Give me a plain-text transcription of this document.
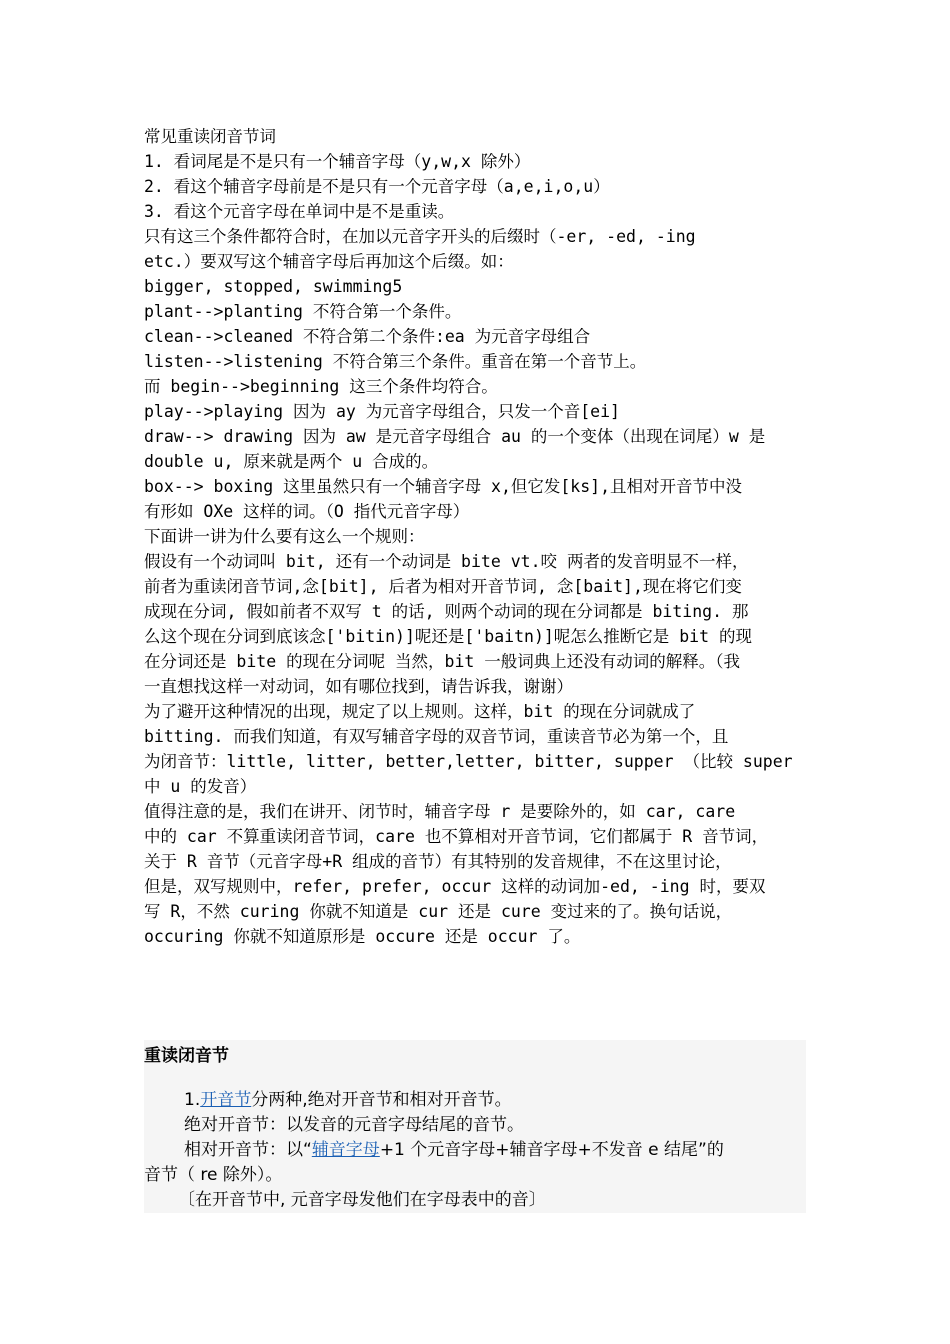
常见重读闭音节词
1. 看词尾是不是只有一个辅音字母（y,w,x 除外）
2. 看这个辅音字母前是不是只有一个元音字母（a,e,i,o,u）
3. 看这个元音字母在单词中是不是重读。
只有这三个条件都符合时，在加以元音字开头的后缀时（-er, -ed, -ing
etc.）要双写这个辅音字母后再加这个后缀。如：
bigger, stopped, swimming5
plant-->planting 不符合第一个条件。
clean-->cleaned 不符合第二个条件:ea 为元音字母组合
listen-->listening 不符合第三个条件。重音在第一个音节上。
而 begin-->beginning 这三个条件均符合。
play-->playing 因为 ay 为元音字母组合，只发一个音[ei]
draw--> drawing 因为 aw 是元音字母组合 au 的一个变体（出现在词尾）w 是
double u, 原来就是两个 u 合成的。
box--> boxing 这里虽然只有一个辅音字母 x,但它发[ks],且相对开音节中没
有形如 OXe 这样的词。（O 指代元音字母）
下面讲一讲为什么要有这么一个规则：
假设有一个动词叫 bit, 还有一个动词是 bite vt.咬 两者的发音明显不一样，
前者为重读闭音节词,念[bit], 后者为相对开音节词, 念[bait],现在将它们变
成现在分词, 假如前者不双写 t 的话, 则两个动词的现在分词都是 biting. 那
么这个现在分词到底该念['bitin)]呢还是['baitn)]呢怎么推断它是 bit 的现
在分词还是 bite 的现在分词呢 当然，bit 一般词典上还没有动词的解释。（我
一直想找这样一对动词，如有哪位找到，请告诉我，谢谢）
为了避开这种情况的出现，规定了以上规则。这样，bit 的现在分词就成了
bitting. 而我们知道，有双写辅音字母的双音节词，重读音节必为第一个，且
为闭音节：little, litter, better,letter, bitter, supper （比较 super
中 u 的发音）
值得注意的是，我们在讲开、闭节时，辅音字母 r 是要除外的，如 car, care
中的 car 不算重读闭音节词，care 也不算相对开音节词，它们都属于 R 音节词，
关于 R 音节（元音字母+R 组成的音节）有其特别的发音规律，不在这里讨论，
但是，双写规则中，refer, prefer, occur 这样的动词加-ed, -ing 时，要双
写 R，不然 curing 你就不知道是 cur 还是 cure 变过来的了。换句话说，
occuring 你就不知道原形是 occure 还是 occur 了。
重读闭音节
1.开音节分两种,绝对开音节和相对开音节。
绝对开音节：以发音的元音字母结尾的音节。
相对开音节：以“辅音字母+1 个元音字母+辅音字母+不发音 e 结尾”的
音节（ re 除外）。
〔在开音节中, 元音字母发他们在字母表中的音〕
